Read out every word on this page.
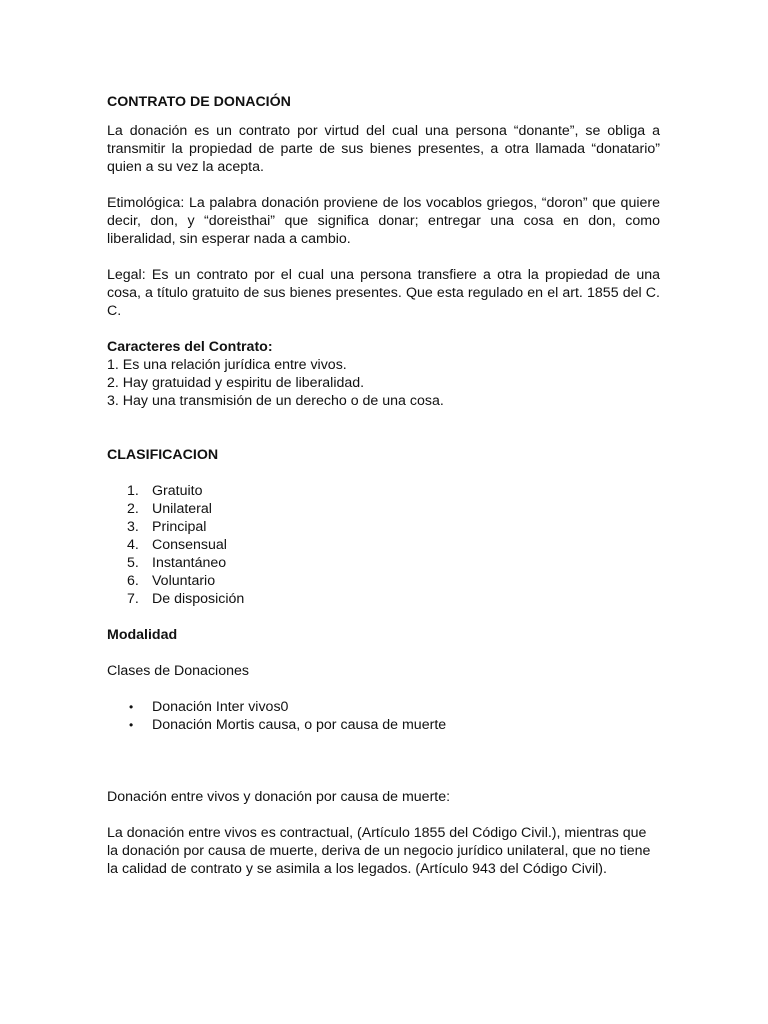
CONTRATO DE DONACIÓN

La donación es un contrato por virtud del cual una persona “donante”, se obliga a transmitir la propiedad de parte de sus bienes presentes, a otra llamada “donatario” quien a su vez la acepta.

Etimológica: La palabra donación proviene de los vocablos griegos, “doron” que quiere decir, don, y “doreisthai” que significa donar; entregar una cosa en don, como liberalidad, sin esperar nada a cambio.

Legal: Es un contrato por el cual una persona transfiere a otra la propiedad de una cosa, a título gratuito de sus bienes presentes. Que esta regulado en el art. 1855 del C. C.

Caracteres del Contrato:

1. Es una relación jurídica entre vivos.

2. Hay gratuidad y espiritu de liberalidad.

3. Hay una transmisión de un derecho o de una cosa.

CLASIFICACION

1. Gratuito
2. Unilateral
3. Principal
4. Consensual
5. Instantáneo
6. Voluntario
7. De disposición

Modalidad

Clases de Donaciones

• Donación Inter vivos0
• Donación Mortis causa, o por causa de muerte

Donación entre vivos y donación por causa de muerte:

La donación entre vivos es contractual, (Artículo 1855 del Código Civil.), mientras que la donación por causa de muerte, deriva de un negocio jurídico unilateral, que no tiene la calidad de contrato y se asimila a los legados. (Artículo 943 del Código Civil).
